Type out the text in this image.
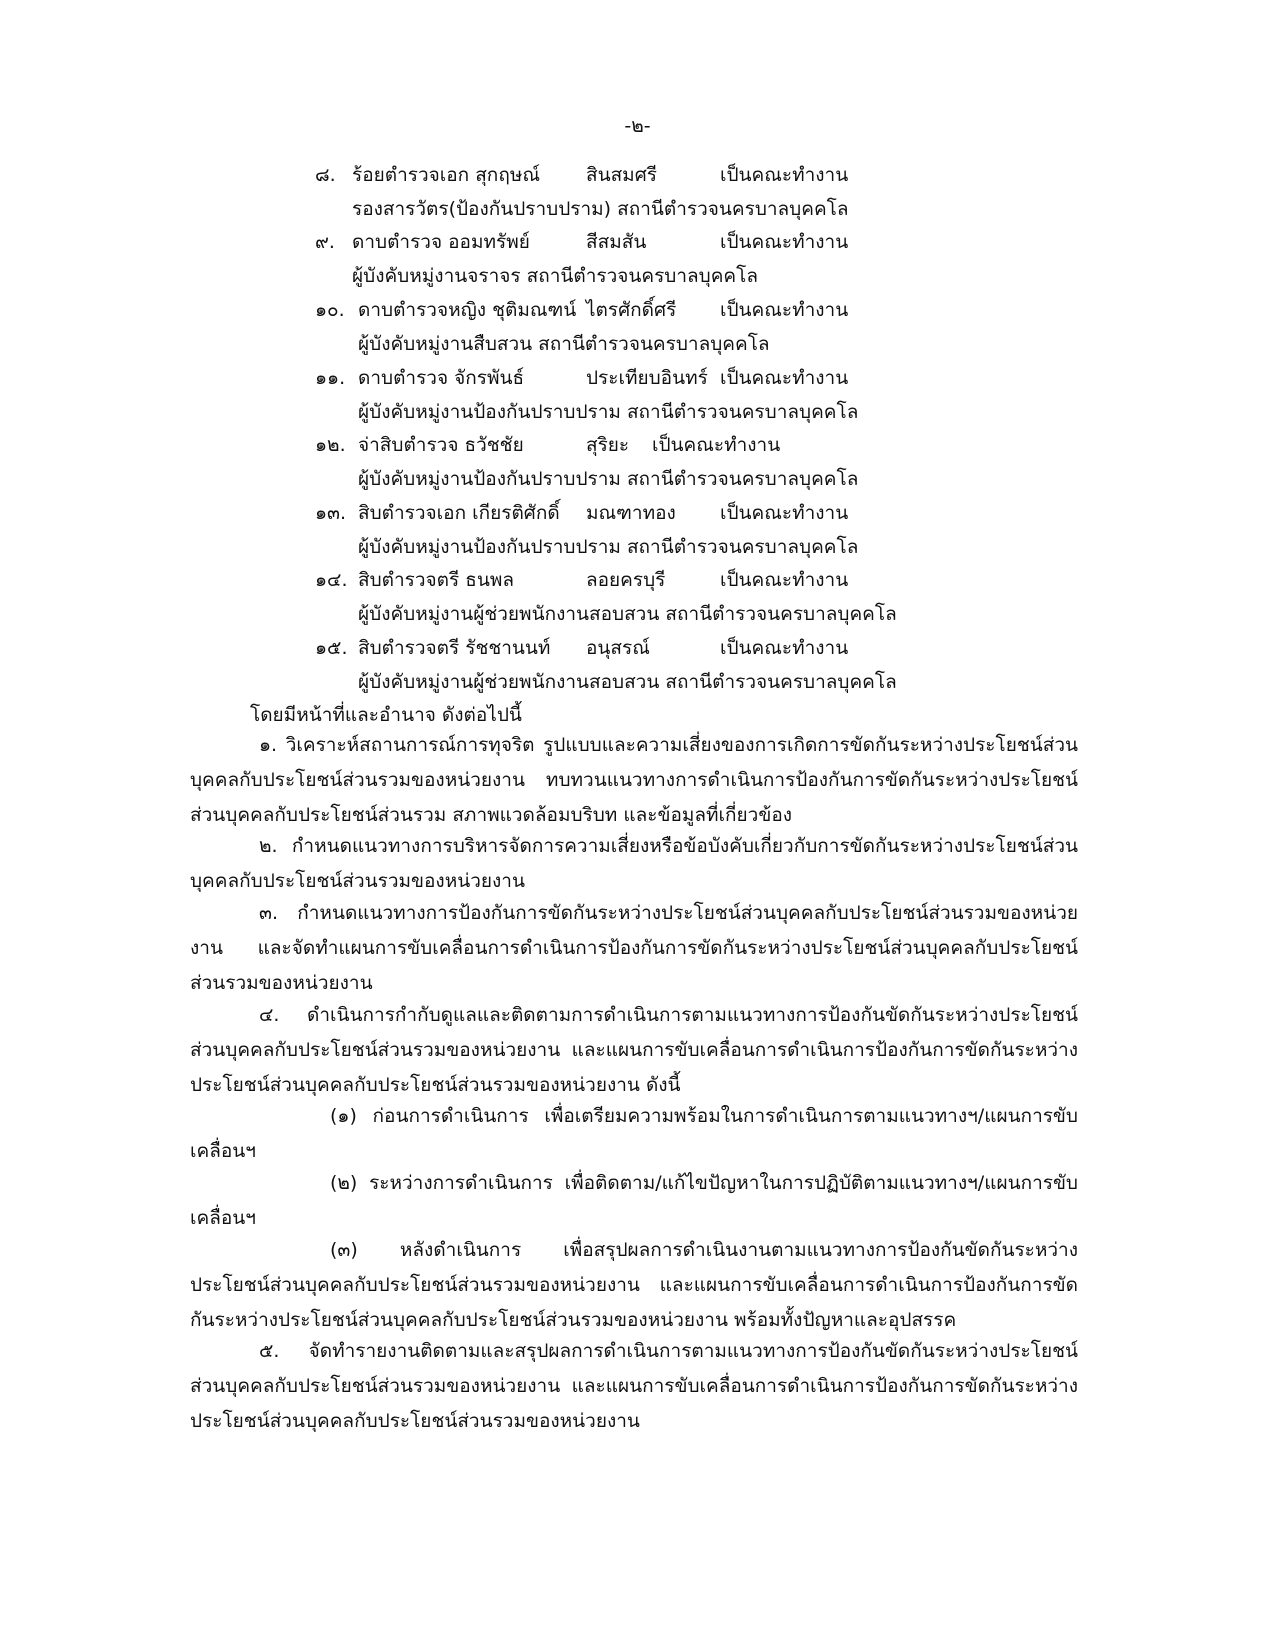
-๒-
๘. ร้อยตำรวจเอก สุกฤษณ์ สินสมศรี	เป็นคณะทำงาน
รองสารวัตร(ป้องกันปราบปราม) สถานีตำรวจนครบาลบุคคโล
๙. ดาบตำรวจ ออมทรัพย์	สีสมสัน	เป็นคณะทำงาน
ผู้บังคับหมู่งานจราจร สถานีตำรวจนครบาลบุคคโล
๑๐. ดาบตำรวจหญิง ชุติมณฑน์ ไตรศักดิ์ศรี เป็นคณะทำงาน
ผู้บังคับหมู่งานสืบสวน สถานีตำรวจนครบาลบุคคโล
๑๑. ดาบตำรวจ จักรพันธ์	ประเทียบอินทร์ เป็นคณะทำงาน
ผู้บังคับหมู่งานป้องกันปราบปราม สถานีตำรวจนครบาลบุคคโล
๑๒. จ่าสิบตำรวจ ธวัชชัย	สุริยะ เป็นคณะทำงาน
ผู้บังคับหมู่งานป้องกันปราบปราม สถานีตำรวจนครบาลบุคคโล
๑๓. สิบตำรวจเอก เกียรติศักดิ์ มณฑาทอง เป็นคณะทำงาน
ผู้บังคับหมู่งานป้องกันปราบปราม สถานีตำรวจนครบาลบุคคโล
๑๔. สิบตำรวจตรี ธนพล	ลอยครบุรี	เป็นคณะทำงาน
ผู้บังคับหมู่งานผู้ช่วยพนักงานสอบสวน สถานีตำรวจนครบาลบุคคโล
๑๕. สิบตำรวจตรี รัชชานนท์ อนุสรณ์	เป็นคณะทำงาน
ผู้บังคับหมู่งานผู้ช่วยพนักงานสอบสวน สถานีตำรวจนครบาลบุคคโล
โดยมีหน้าที่และอำนาจ ดังต่อไปนี้
๑. วิเคราะห์สถานการณ์การทุจริต รูปแบบและความเสี่ยงของการเกิดการขัดกันระหว่างประโยชน์ส่วนบุคคลกับประโยชน์ส่วนรวมของหน่วยงาน ทบทวนแนวทางการดำเนินการป้องกันการขัดกันระหว่างประโยชน์ส่วนบุคคลกับประโยชน์ส่วนรวม สภาพแวดล้อมบริบท และข้อมูลที่เกี่ยวข้อง
๒. กำหนดแนวทางการบริหารจัดการความเสี่ยงหรือข้อบังคับเกี่ยวกับการขัดกันระหว่างประโยชน์ส่วนบุคคลกับประโยชน์ส่วนรวมของหน่วยงาน
๓. กำหนดแนวทางการป้องกันการขัดกันระหว่างประโยชน์ส่วนบุคคลกับประโยชน์ส่วนรวมของหน่วยงาน และจัดทำแผนการขับเคลื่อนการดำเนินการป้องกันการขัดกันระหว่างประโยชน์ส่วนบุคคลกับประโยชน์ส่วนรวมของหน่วยงาน
๔. ดำเนินการกำกับดูแลและติดตามการดำเนินการตามแนวทางการป้องกันขัดกันระหว่างประโยชน์ส่วนบุคคลกับประโยชน์ส่วนรวมของหน่วยงาน และแผนการขับเคลื่อนการดำเนินการป้องกันการขัดกันระหว่างประโยชน์ส่วนบุคคลกับประโยชน์ส่วนรวมของหน่วยงาน ดังนี้
(๑) ก่อนการดำเนินการ เพื่อเตรียมความพร้อมในการดำเนินการตามแนวทางฯ/แผนการขับเคลื่อนฯ
(๒) ระหว่างการดำเนินการ เพื่อติดตาม/แก้ไขปัญหาในการปฏิบัติตามแนวทางฯ/แผนการขับเคลื่อนฯ
(๓) หลังดำเนินการ เพื่อสรุปผลการดำเนินงานตามแนวทางการป้องกันขัดกันระหว่างประโยชน์ส่วนบุคคลกับประโยชน์ส่วนรวมของหน่วยงาน และแผนการขับเคลื่อนการดำเนินการป้องกันการขัดกันระหว่างประโยชน์ส่วนบุคคลกับประโยชน์ส่วนรวมของหน่วยงาน พร้อมทั้งปัญหาและอุปสรรค
๕. จัดทำรายงานติดตามและสรุปผลการดำเนินการตามแนวทางการป้องกันขัดกันระหว่างประโยชน์ส่วนบุคคลกับประโยชน์ส่วนรวมของหน่วยงาน และแผนการขับเคลื่อนการดำเนินการป้องกันการขัดกันระหว่างประโยชน์ส่วนบุคคลกับประโยชน์ส่วนรวมของหน่วยงาน
